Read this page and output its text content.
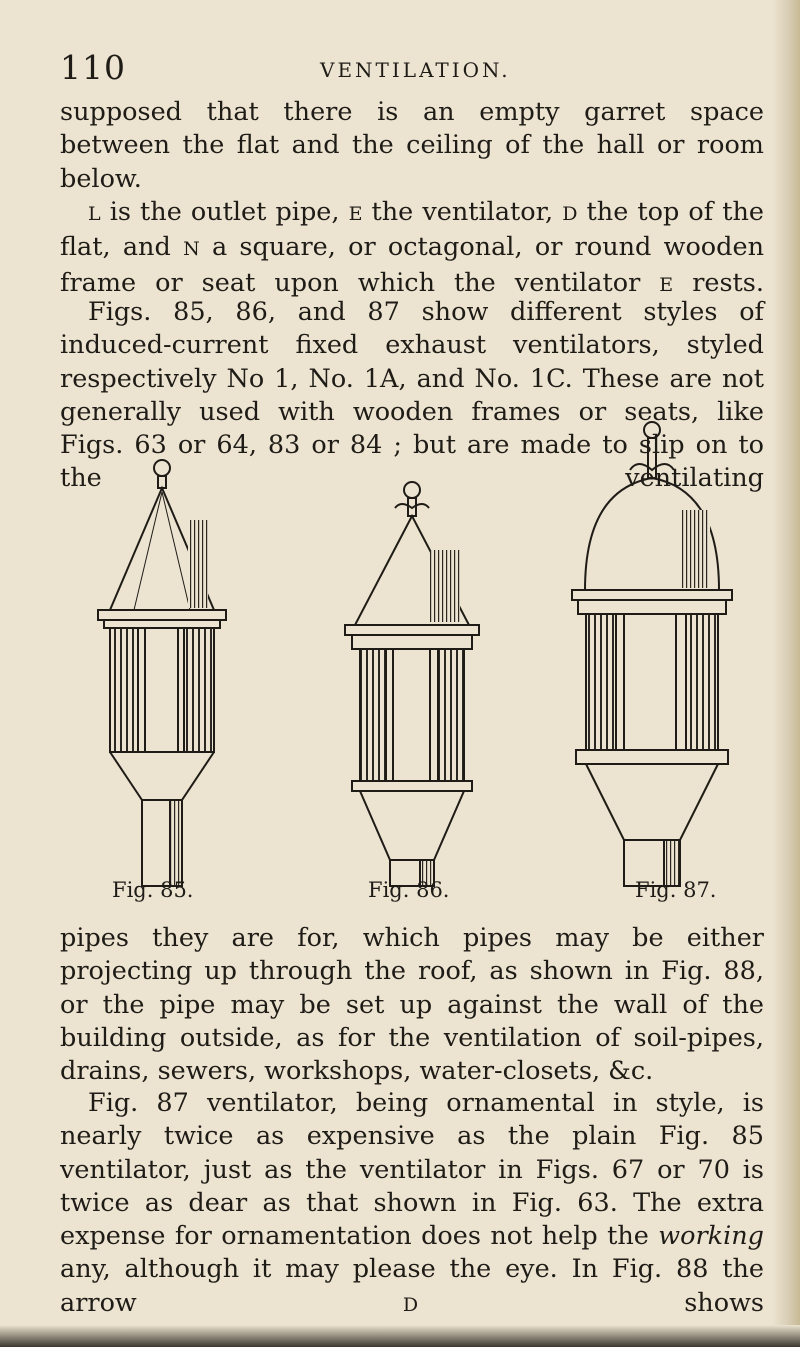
110	VENTILATION.

supposed that there is an empty garret space between the flat and the ceiling of the hall or room below.

L is the outlet pipe, E the ventilator, D the top of the flat, and N a square, or octagonal, or round wooden frame or seat upon which the ventilator E rests.

Figs. 85, 86, and 87 show different styles of induced-current fixed exhaust ventilators, styled respectively No 1, No. 1A, and No. 1C. These are not generally used with wooden frames or seats, like Figs. 63 or 64, 83 or 84 ; but are made to slip on to the ventilating

Fig. 85.	Fig. 86.	Fig. 87.

pipes they are for, which pipes may be either projecting up through the roof, as shown in Fig. 88, or the pipe may be set up against the wall of the building outside, as for the ventilation of soil-pipes, drains, sewers, workshops, water-closets, &c.

Fig. 87 ventilator, being ornamental in style, is nearly twice as expensive as the plain Fig. 85 ventilator, just as the ventilator in Figs. 67 or 70 is twice as dear as that shown in Fig. 63. The extra expense for ornamentation does not help the working any, although it may please the eye. In Fig. 88 the arrow D shows
